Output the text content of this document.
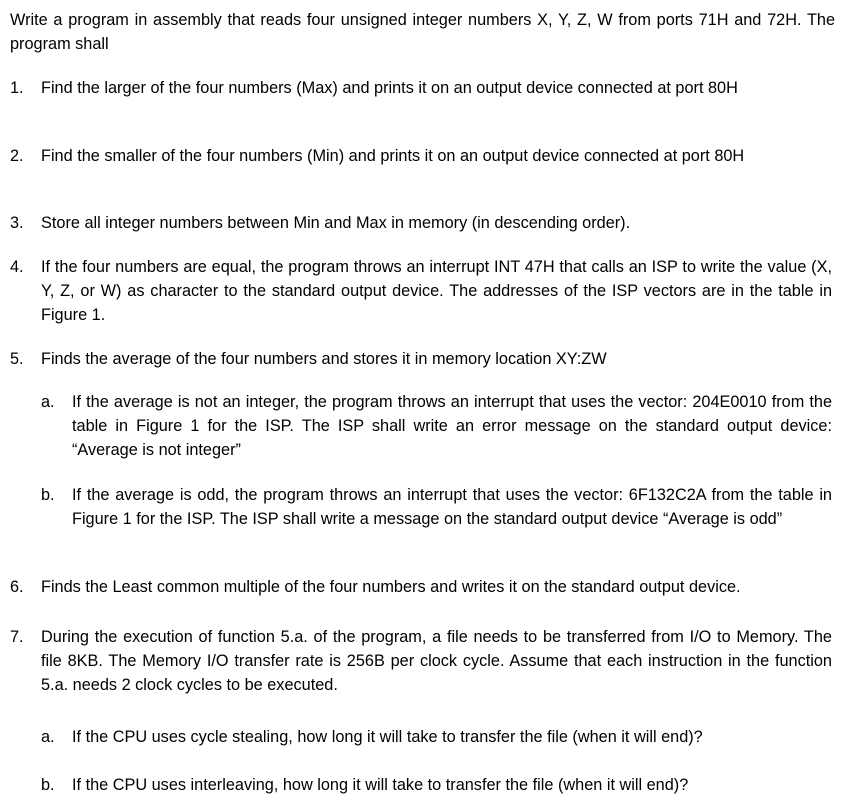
Write a program in assembly that reads four unsigned integer numbers X, Y, Z, W from ports 71H and 72H. The program shall
1.	Find the larger of the four numbers (Max) and prints it on an output device connected at port 80H
2.	Find the smaller of the four numbers (Min) and prints it on an output device connected at port 80H
3.	Store all integer numbers between Min and Max in memory (in descending order).
4.	If the four numbers are equal, the program throws an interrupt INT 47H that calls an ISP to write the value (X, Y, Z, or W) as character to the standard output device. The addresses of the ISP vectors are in the table in Figure 1.
5.	Finds the average of the four numbers and stores it in memory location XY:ZW
a.	If the average is not an integer, the program throws an interrupt that uses the vector: 204E0010 from the table in Figure 1 for the ISP. The ISP shall write an error message on the standard output device: “Average is not integer”
b.	If the average is odd, the program throws an interrupt that uses the vector: 6F132C2A from the table in Figure 1 for the ISP. The ISP shall write a message on the standard output device “Average is odd”
6.	Finds the Least common multiple of the four numbers and writes it on the standard output device.
7.	During the execution of function 5.a. of the program, a file needs to be transferred from I/O to Memory. The file 8KB. The Memory I/O transfer rate is 256B per clock cycle. Assume that each instruction in the function 5.a. needs 2 clock cycles to be executed.
a.	If the CPU uses cycle stealing, how long it will take to transfer the file (when it will end)?
b.	If the CPU uses interleaving, how long it will take to transfer the file (when it will end)?
